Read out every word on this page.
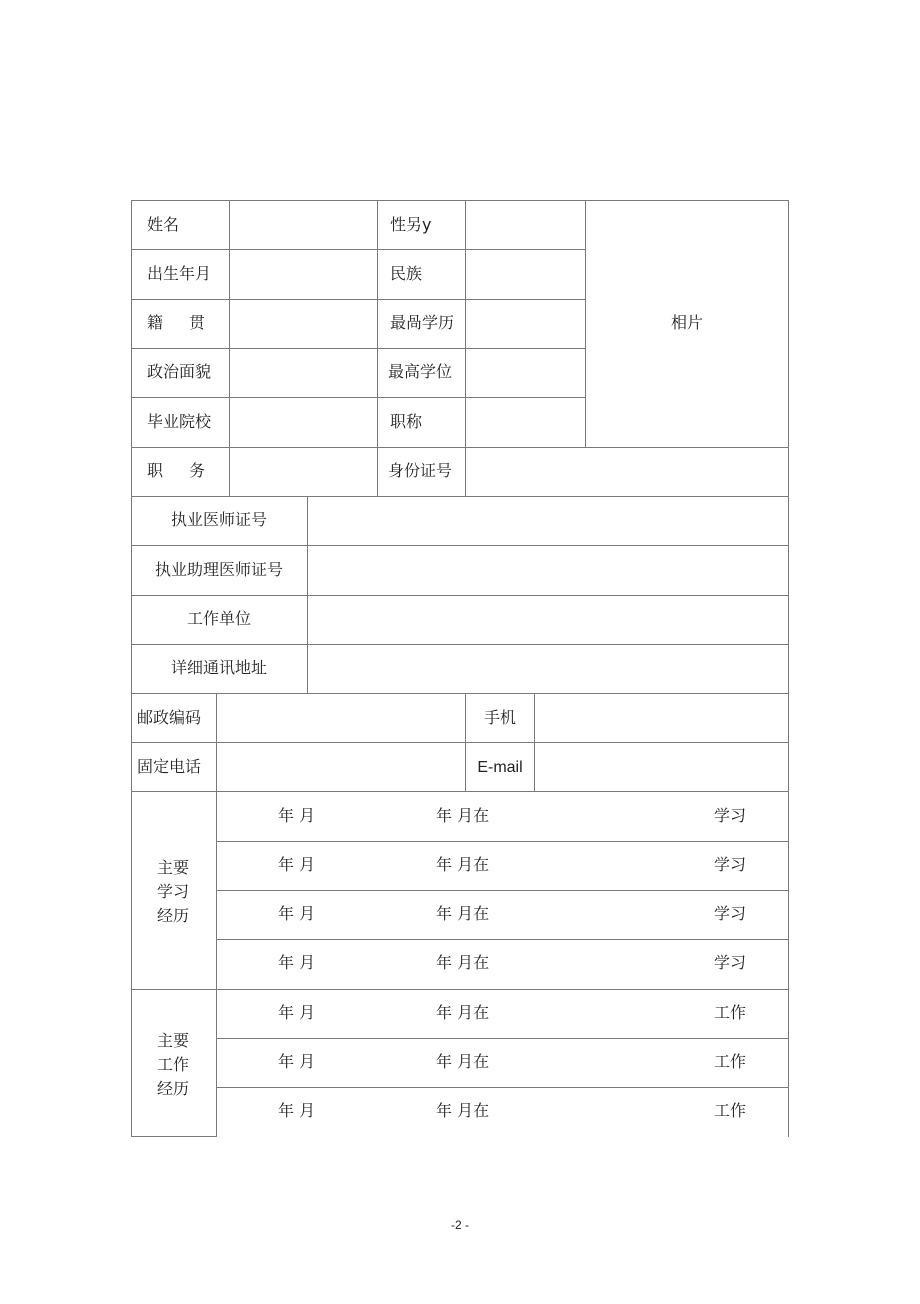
姓名	性另y
出生年月	民族
籍贯	最咼学历
政治面貌	最高学位
毕业院校	职称
职务	身份证号
相片
执业医师证号
执业助理医师证号
工作单位
详细通讯地址
邮政编码	手机
固定电话	E-mail
主要
学习
经历
年 月	年 月在	学习
年 月	年 月在	学习
年 月	年 月在	学习
年 月	年 月在	学习
主要
工作
经历
年 月	年 月在	工作
年 月	年 月在	工作
年 月	年 月在	工作
-2 -
